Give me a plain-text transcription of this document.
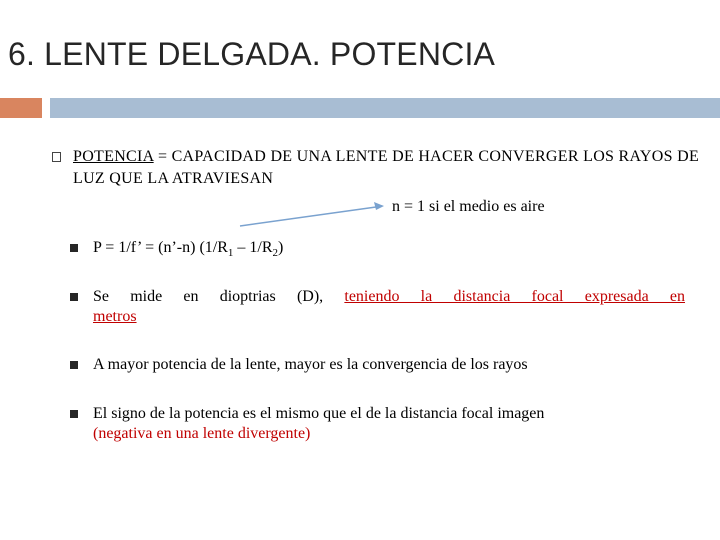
6. LENTE DELGADA. POTENCIA
POTENCIA = CAPACIDAD DE UNA LENTE DE HACER CONVERGER LOS RAYOS DE LUZ QUE LA ATRAVIESAN
n = 1 si el medio es aire
P = 1/f’ = (n’-n) $(1/R_1 - 1/R_2)$
Se mide en dioptrias (D), teniendo la distancia focal expresada en
metros
A mayor potencia de la lente, mayor es la convergencia de los rayos
El signo de la potencia es el mismo que el de la distancia focal imagen
(negativa en una lente divergente)
